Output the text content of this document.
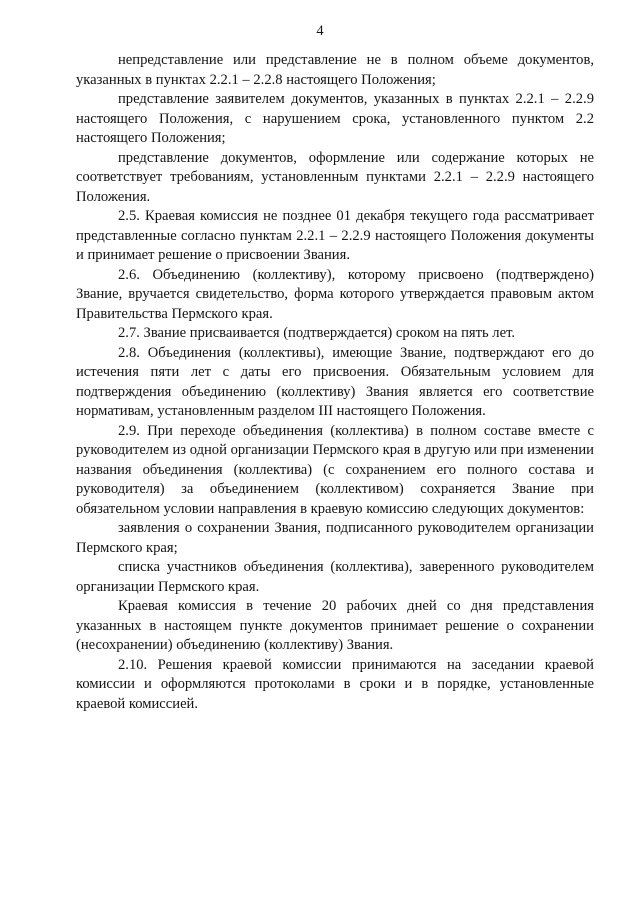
4

непредставление или представление не в полном объеме документов, указанных в пунктах 2.2.1 – 2.2.8 настоящего Положения;

представление заявителем документов, указанных в пунктах 2.2.1 – 2.2.9 настоящего Положения, с нарушением срока, установленного пунктом 2.2 настоящего Положения;

представление документов, оформление или содержание которых не соответствует требованиям, установленным пунктами 2.2.1 – 2.2.9 настоящего Положения.

2.5. Краевая комиссия не позднее 01 декабря текущего года рассматривает представленные согласно пунктам 2.2.1 – 2.2.9 настоящего Положения документы и принимает решение о присвоении Звания.

2.6. Объединению (коллективу), которому присвоено (подтверждено) Звание, вручается свидетельство, форма которого утверждается правовым актом Правительства Пермского края.

2.7. Звание присваивается (подтверждается) сроком на пять лет.

2.8. Объединения (коллективы), имеющие Звание, подтверждают его до истечения пяти лет с даты его присвоения. Обязательным условием для подтверждения объединению (коллективу) Звания является его соответствие нормативам, установленным разделом III настоящего Положения.

2.9. При переходе объединения (коллектива) в полном составе вместе с руководителем из одной организации Пермского края в другую или при изменении названия объединения (коллектива) (с сохранением его полного состава и руководителя) за объединением (коллективом) сохраняется Звание при обязательном условии направления в краевую комиссию следующих документов:

заявления о сохранении Звания, подписанного руководителем организации Пермского края;

списка участников объединения (коллектива), заверенного руководителем организации Пермского края.

Краевая комиссия в течение 20 рабочих дней со дня представления указанных в настоящем пункте документов принимает решение о сохранении (несохранении) объединению (коллективу) Звания.

2.10. Решения краевой комиссии принимаются на заседании краевой комиссии и оформляются протоколами в сроки и в порядке, установленные краевой комиссией.
